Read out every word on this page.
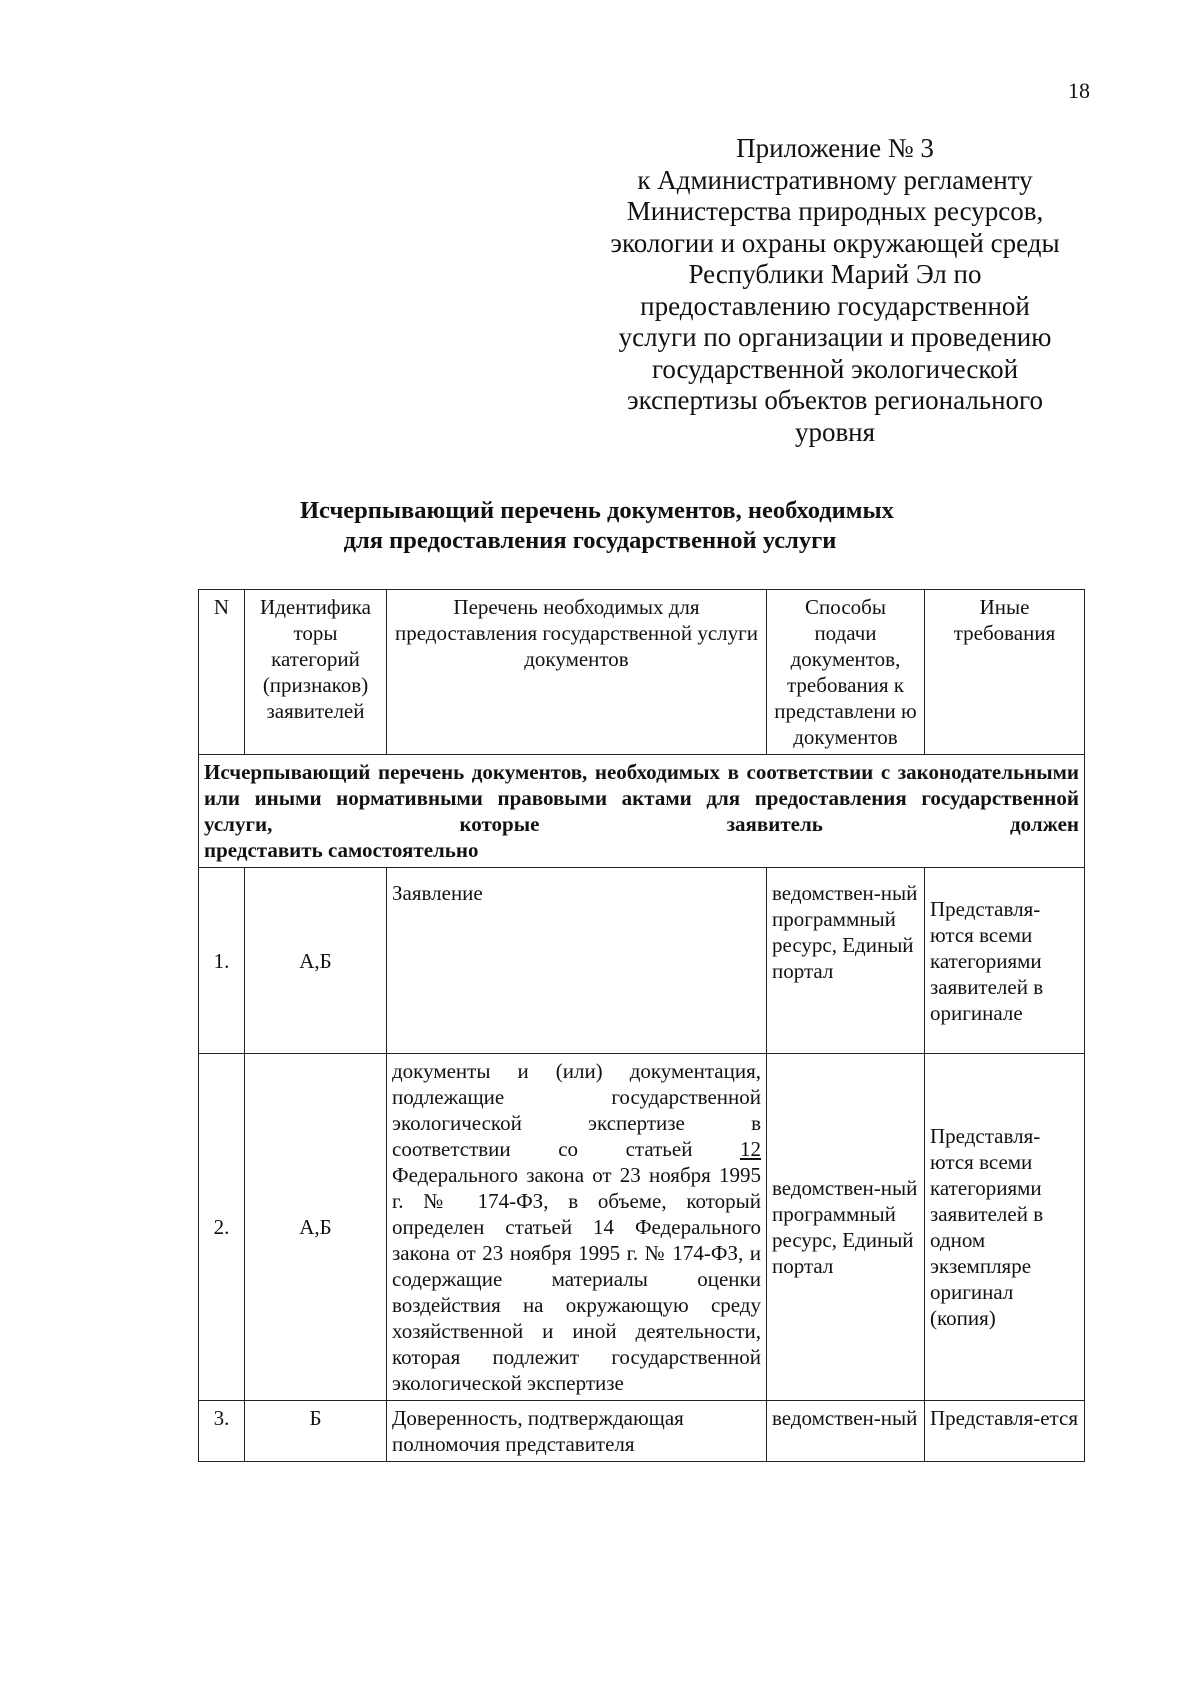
18
Приложение № 3
к Административному регламенту
Министерства природных ресурсов,
экологии и охраны окружающей среды
Республики Марий Эл по
предоставлению государственной
услуги по организации и проведению
государственной экологической
экспертизы объектов регионального
уровня
Исчерпывающий перечень документов, необходимых
для предоставления государственной услуги
N	Идентифика торы категорий (признаков) заявителей	Перечень необходимых для предоставления государственной услуги документов	Способы подачи документов, требования к представлени ю документов	Иные требования
Исчерпывающий перечень документов, необходимых в соответствии с законодательными или иными нормативными правовыми актами для предоставления государственной услуги, которые заявитель должен
представить самостоятельно				

1.	А,Б	Заявление	ведомствен-ный программный ресурс, Единый портал	Представля-ются всеми категориями заявителей в оригинале
2.	А,Б	документы и (или) документация, подлежащие государственной экологической экспертизе в соответствии со статьей 12 Федерального закона от 23 ноября 1995 г. № 174-ФЗ, в объеме, который определен статьей 14 Федерального закона от 23 ноября 1995 г. № 174-ФЗ, и содержащие материалы оценки воздействия на окружающую среду хозяйственной и иной деятельности, которая подлежит государственной экологической экспертизе	ведомствен-ный программный ресурс, Единый портал	Представля-ются всеми категориями заявителей в одном экземпляре оригинал (копия)
3.	Б	Доверенность, подтверждающая полномочия представителя	ведомствен-ный	Представля-ется
